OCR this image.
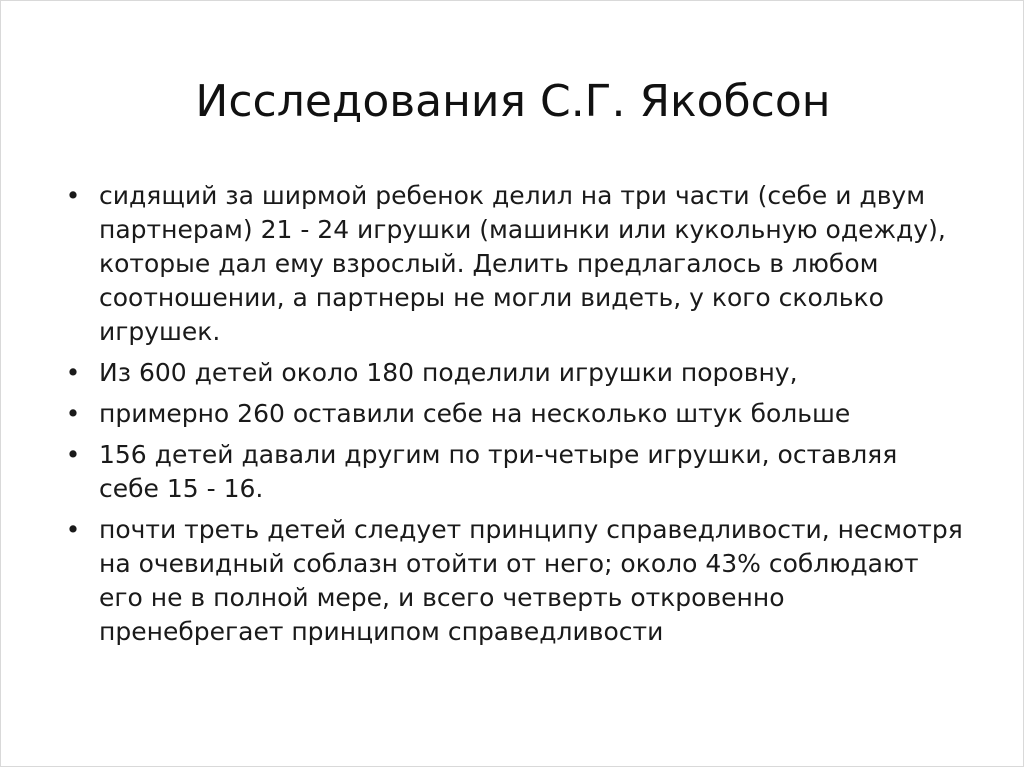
Исследования С.Г. Якобсон
• сидящий за ширмой ребенок делил на три части (себе и двум партнерам) 21 - 24 игрушки (машинки или кукольную одежду), которые дал ему взрослый. Делить предлагалось в любом соотношении, а партнеры не могли видеть, у кого сколько игрушек.
• Из 600 детей около 180 поделили игрушки поровну,
• примерно 260 оставили себе на несколько штук больше
• 156 детей давали другим по три-четыре игрушки, оставляя себе 15 - 16.
• почти треть детей следует принципу справедливости, несмотря на очевидный соблазн отойти от него; около 43% соблюдают его не в полной мере, и всего четверть откровенно пренебрегает принципом справедливости
